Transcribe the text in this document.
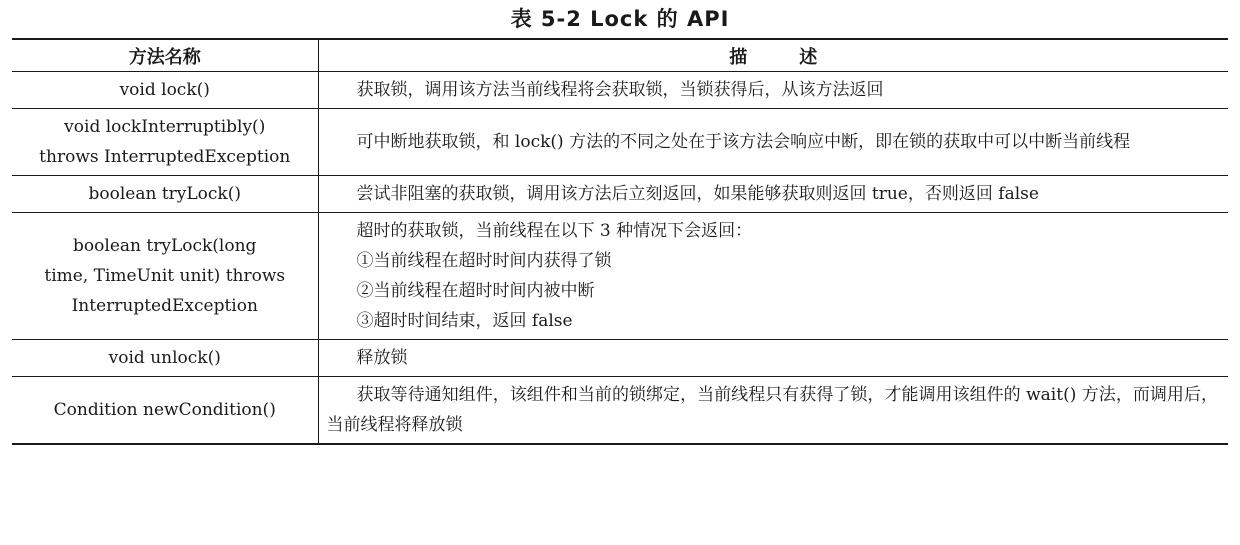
表 5-2 Lock 的 API
方法名称	描述

void lock()	获取锁，调用该方法当前线程将会获取锁，当锁获得后，从该方法返回

void lockInterruptibly()
throws InterruptedException	可中断地获取锁，和 lock() 方法的不同之处在于该方法会响应中断，即在锁的获取中可以中断当前线程

boolean tryLock()	尝试非阻塞的获取锁，调用该方法后立刻返回，如果能够获取则返回 true，否则返回 false

boolean tryLock(long
time, TimeUnit unit) throws
InterruptedException	超时的获取锁，当前线程在以下 3 种情况下会返回：
①当前线程在超时时间内获得了锁
②当前线程在超时时间内被中断
③超时时间结束，返回 false

void unlock()	释放锁

Condition newCondition()	获取等待通知组件，该组件和当前的锁绑定，当前线程只有获得了锁，才能调用该组件的 wait() 方法，而调用后，当前线程将释放锁
